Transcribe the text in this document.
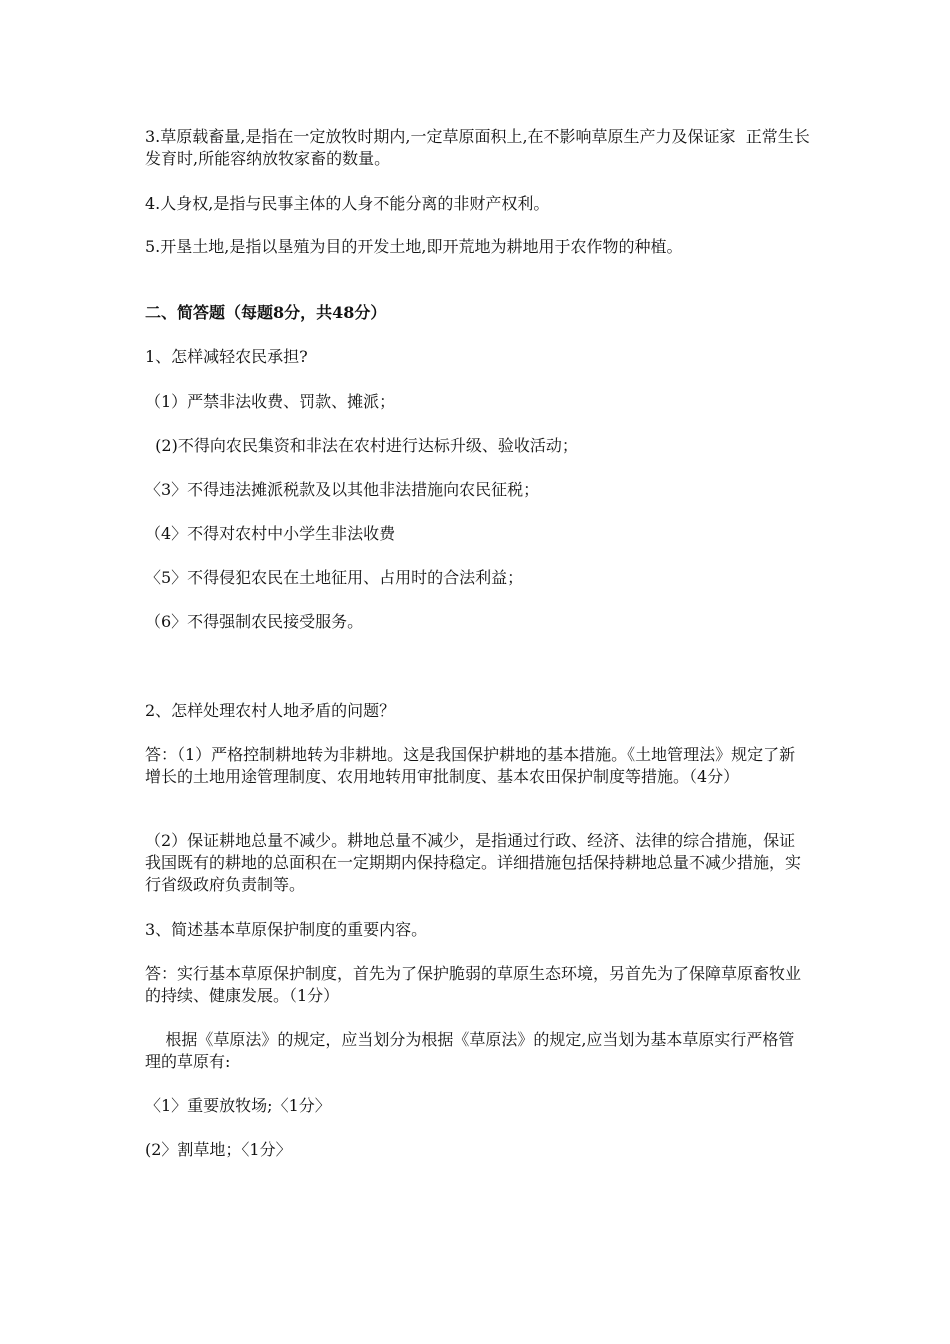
3.草原载畜量,是指在一定放牧时期内,一定草原面积上,在不影响草原生产力及保证家  正常生长发育时,所能容纳放牧家畜的数量。

4.人身权,是指与民事主体的人身不能分离的非财产权利。

5.开垦土地,是指以垦殖为目的开发土地,即开荒地为耕地用于农作物的种植。

二、简答题（每题8分，共48分）

1、怎样减轻农民承担?

（1）严禁非法收费、罚款、摊派；

(2)不得向农民集资和非法在农村进行达标升级、验收活动；

〈3〉不得违法摊派税款及以其他非法措施向农民征税；

（4〉不得对农村中小学生非法收费

〈5〉不得侵犯农民在土地征用、占用时的合法利益；

（6〉不得强制农民接受服务。

2、怎样处理农村人地矛盾的问题？

答：（1）严格控制耕地转为非耕地。这是我国保护耕地的基本措施。《土地管理法》规定了新增长的土地用途管理制度、农用地转用审批制度、基本农田保护制度等措施。（4分）

（2）保证耕地总量不减少。耕地总量不减少，是指通过行政、经济、法律的综合措施，保证我国既有的耕地的总面积在一定期期内保持稳定。详细措施包括保持耕地总量不减少措施，实行省级政府负责制等。

3、简述基本草原保护制度的重要内容。

答：实行基本草原保护制度，首先为了保护脆弱的草原生态环境，另首先为了保障草原畜牧业的持续、健康发展。（1分）

根据《草原法》的规定，应当划分为根据《草原法》的规定,应当划为基本草原实行严格管理的草原有:

〈1〉重要放牧场;〈1分〉

(2〉割草地；〈1分〉
